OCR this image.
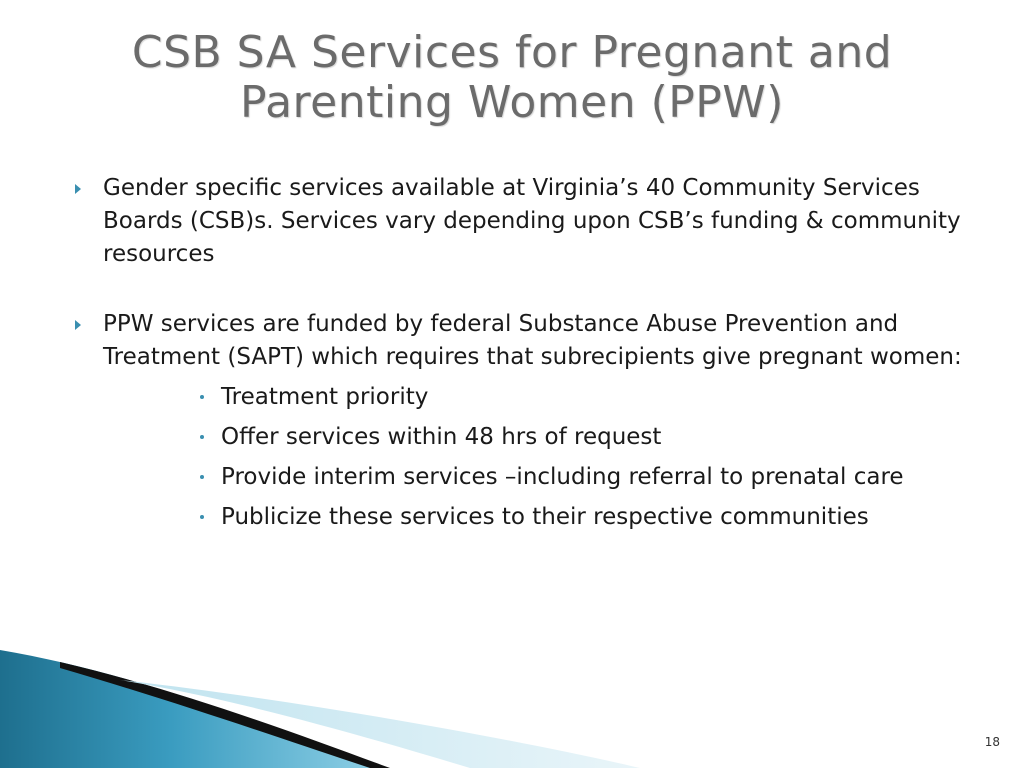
CSB SA Services for Pregnant and
Parenting Women (PPW)
Gender specific services available at Virginia’s 40 Community Services Boards (CSB)s. Services vary depending upon CSB’s funding & community resources
PPW services are funded by federal Substance Abuse Prevention and Treatment (SAPT) which requires that subrecipients give pregnant women:
Treatment priority
Offer services within 48 hrs of request
Provide interim services –including referral to prenatal care
Publicize these services to their respective communities
18
